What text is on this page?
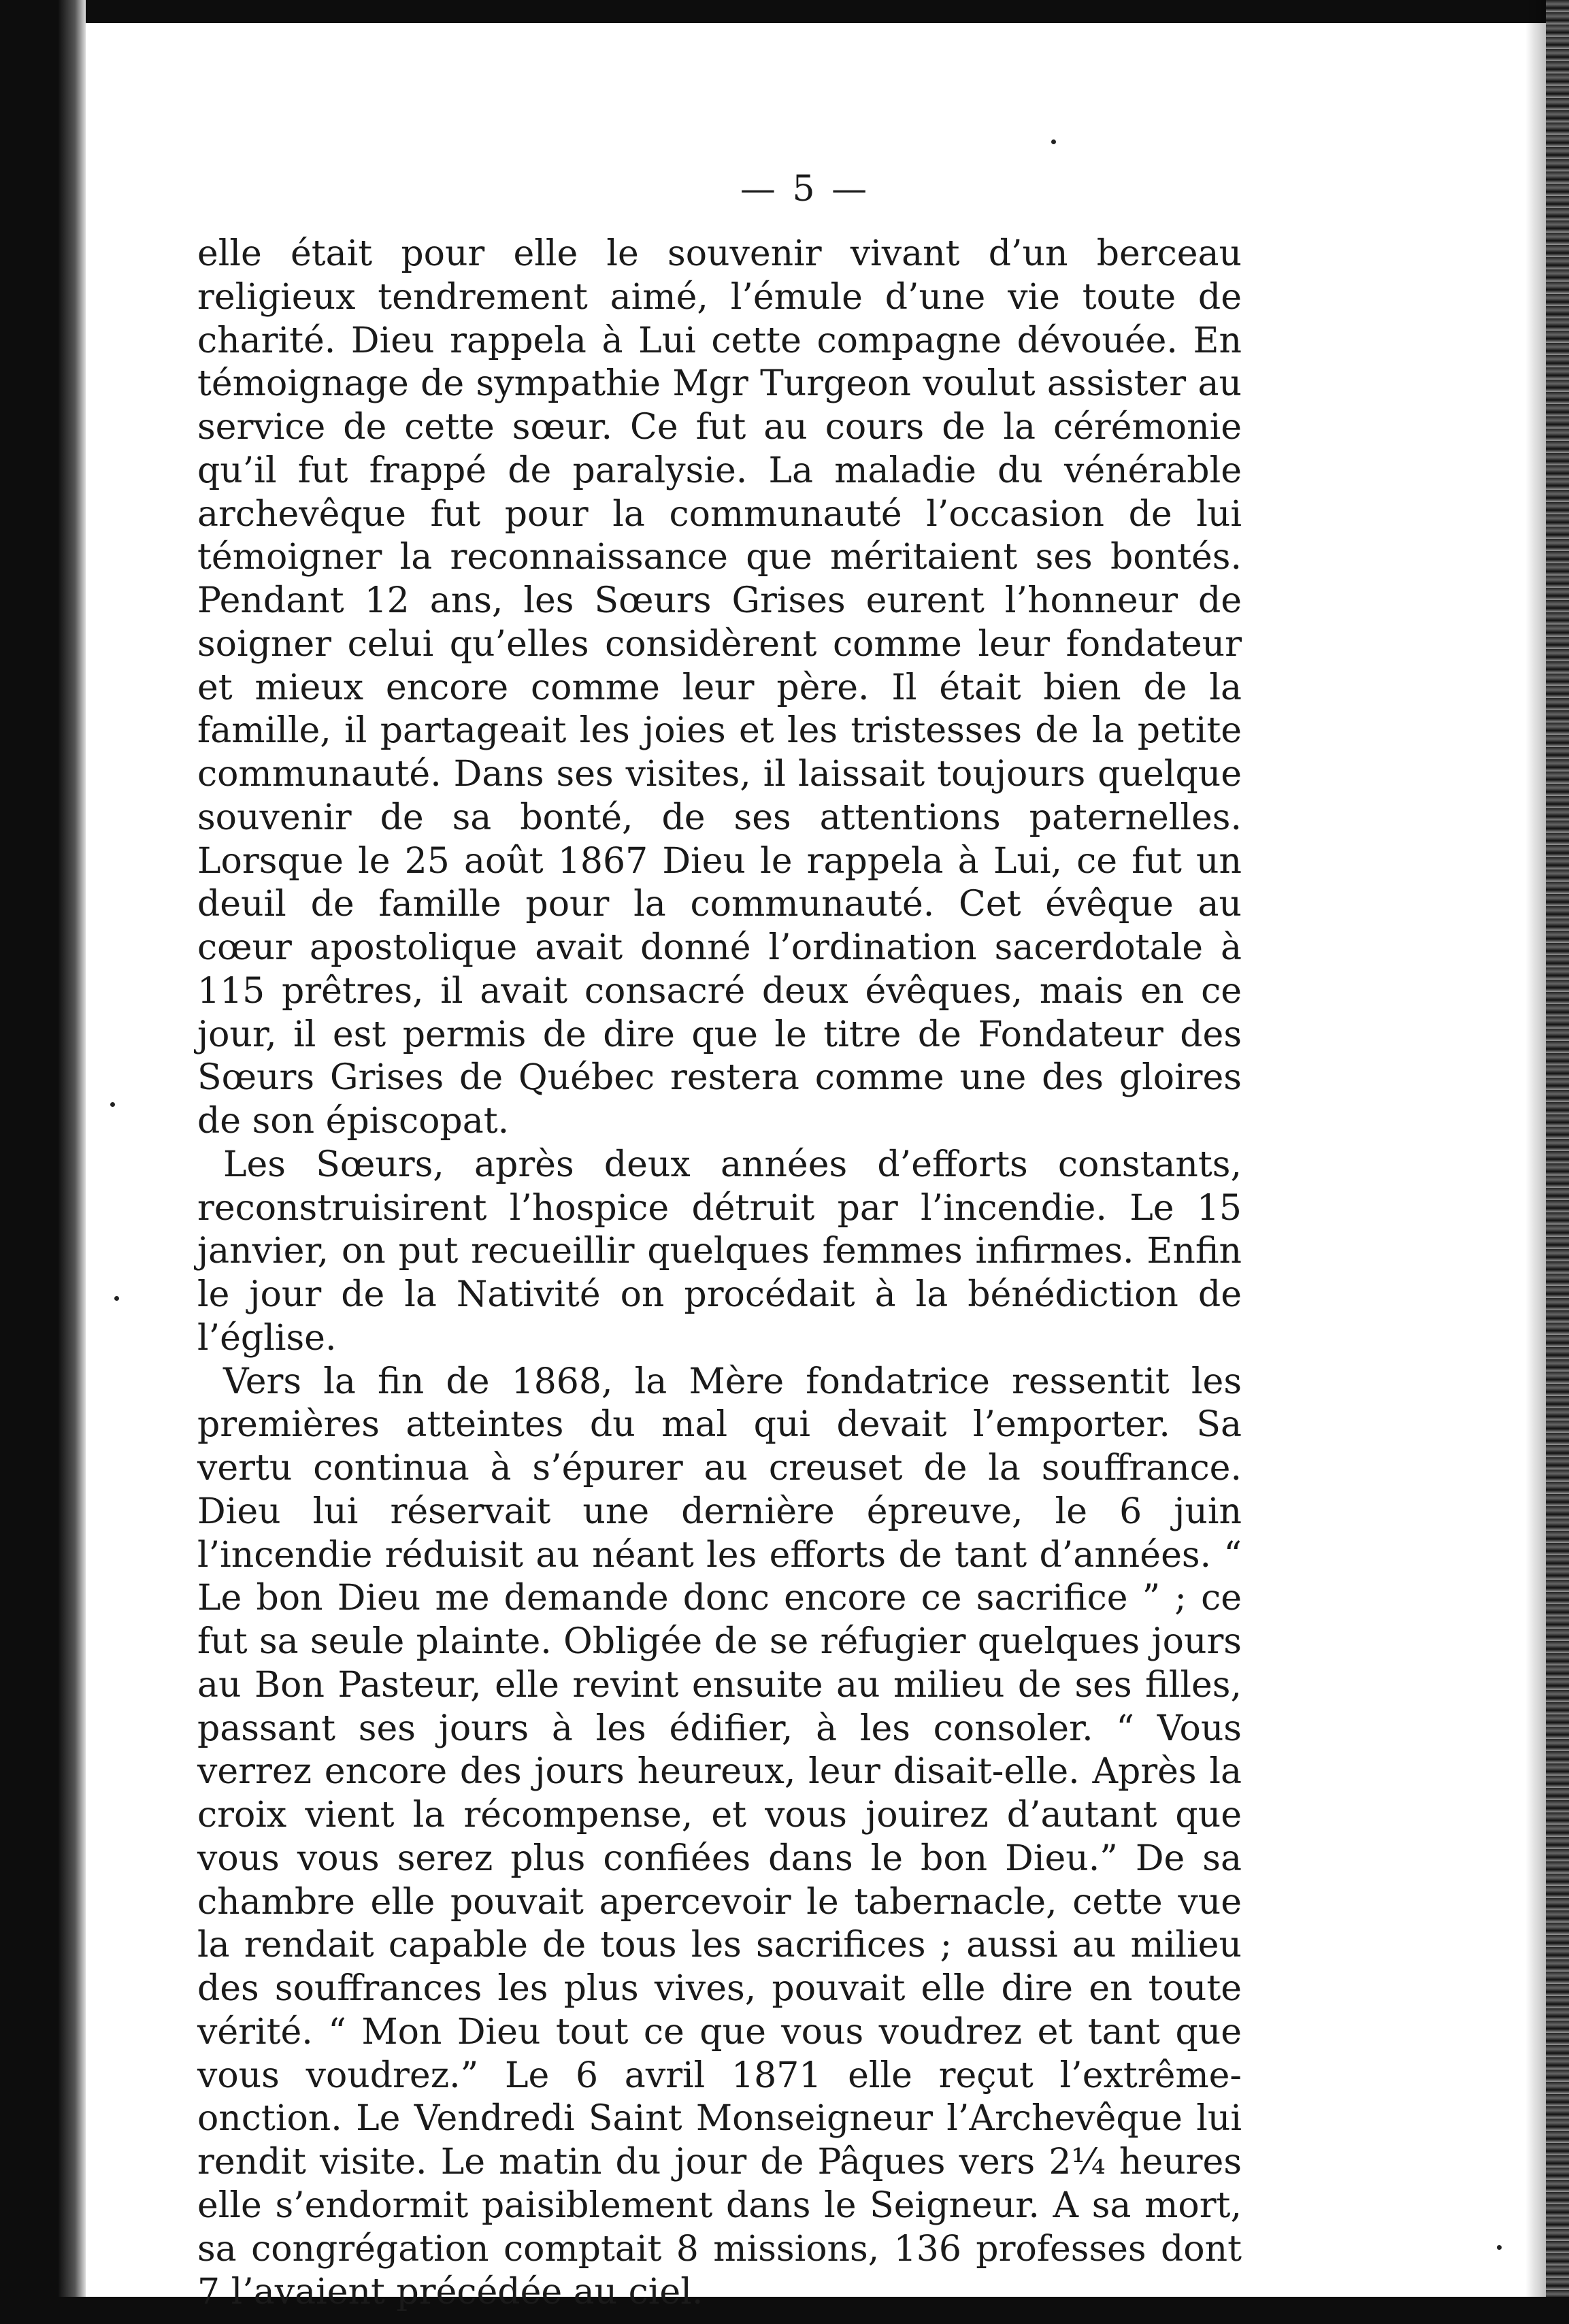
— 5 —

elle était pour elle le souvenir vivant d’un berceau religieux tendrement aimé, l’émule d’une vie toute de charité. Dieu rappela à Lui cette compagne dévouée. En témoignage de sympathie Mgr Turgeon voulut assister au service de cette sœur. Ce fut au cours de la cérémonie qu’il fut frappé de paralysie. La maladie du vénérable archevêque fut pour la communauté l’occasion de lui témoigner la reconnaissance que méritaient ses bontés. Pendant 12 ans, les Sœurs Grises eurent l’honneur de soigner celui qu’elles considèrent comme leur fondateur et mieux encore comme leur père. Il était bien de la famille, il partageait les joies et les tristesses de la petite communauté. Dans ses visites, il laissait toujours quelque souvenir de sa bonté, de ses attentions paternelles. Lorsque le 25 août 1867 Dieu le rappela à Lui, ce fut un deuil de famille pour la communauté. Cet évêque au cœur apostolique avait donné l’ordination sacerdotale à 115 prêtres, il avait consacré deux évêques, mais en ce jour, il est permis de dire que le titre de Fondateur des Sœurs Grises de Québec restera comme une des gloires de son épiscopat.

Les Sœurs, après deux années d’efforts constants, reconstruisirent l’hospice détruit par l’incendie. Le 15 janvier, on put recueillir quelques femmes infirmes. Enfin le jour de la Nativité on procédait à la bénédiction de l’église.

Vers la fin de 1868, la Mère fondatrice ressentit les premières atteintes du mal qui devait l’emporter. Sa vertu continua à s’épurer au creuset de la souffrance. Dieu lui réservait une dernière épreuve, le 6 juin l’incendie réduisit au néant les efforts de tant d’années. “ Le bon Dieu me demande donc encore ce sacrifice ” ; ce fut sa seule plainte. Obligée de se réfugier quelques jours au Bon Pasteur, elle revint ensuite au milieu de ses filles, passant ses jours à les édifier, à les consoler. “ Vous verrez encore des jours heureux, leur disait-elle. Après la croix vient la récompense, et vous jouirez d’autant que vous vous serez plus confiées dans le bon Dieu.” De sa chambre elle pouvait apercevoir le tabernacle, cette vue la rendait capable de tous les sacrifices ; aussi au milieu des souffrances les plus vives, pouvait elle dire en toute vérité. “ Mon Dieu tout ce que vous voudrez et tant que vous voudrez.” Le 6 avril 1871 elle reçut l’extrême-onction. Le Vendredi Saint Monseigneur l’Archevêque lui rendit visite. Le matin du jour de Pâques vers 2¼ heures elle s’endormit paisiblement dans le Seigneur. A sa mort, sa congrégation comptait 8 missions, 136 professes dont 7 l’avaient précédée au ciel.
